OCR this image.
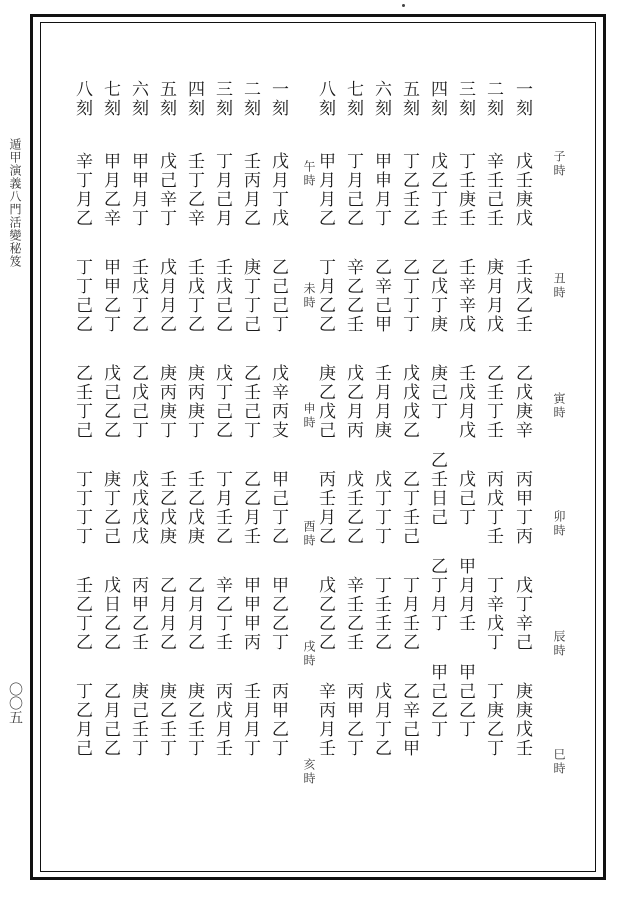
遁甲演義八門活變秘笈
〇〇五
一刻戊壬庚戊壬戊乙壬乙戊庚辛丙甲丁丙戊丁辛己庚庚戊壬
二刻辛壬己壬庚月月戊乙壬丁壬丙戊丁壬丁辛戊丁丁庚乙丁
三刻丁壬庚壬壬辛辛戊壬戊月戊戊己丁甲月月壬甲己乙丁
四刻戊乙丁壬乙戊丁庚庚己丁乙壬日己乙丁月丁甲己乙丁
五刻丁乙壬乙乙丁丁丁戊戊戊乙乙丁壬己丁月壬乙乙辛己甲
六刻甲申月丁乙辛己甲壬月月庚戊丁丁丁丁壬壬乙戊月丁乙
七刻丁月己乙辛乙乙壬戊乙月丙戊壬乙乙辛壬乙壬丙甲乙丁
八刻甲月月乙丁月乙乙庚乙戊己丙壬月乙戊乙乙乙辛丙月壬
一刻戊月丁戊乙己己丁戊辛丙支甲己丁乙甲乙乙丁丙甲乙丁
二刻壬丙月乙庚丁丁己乙壬己丁乙乙月壬甲甲甲丙壬月月丁
三刻丁月己月壬戊己乙戊丁己乙丁月壬乙辛乙丁壬丙戊月壬
四刻壬丁乙辛壬戊丁乙庚丙庚丁壬乙戊庚乙月月乙庚乙壬丁
五刻戊己辛丁戊月月乙庚丙庚丁壬乙戊庚乙月月乙庚乙壬丁
六刻甲甲月丁壬戊丁乙乙戊己丁戊戊戊戊丙甲乙壬庚己壬丁
七刻甲月乙辛甲甲乙丁戊己乙乙庚丁乙己戊日乙乙乙月己乙
八刻辛丁月乙丁丁己乙乙壬丁己丁丁丁丁壬乙丁乙丁乙月己
子時
丑時
寅時
卯時
辰時
巳時
午時
未時
申時
酉時
戌時
亥時
